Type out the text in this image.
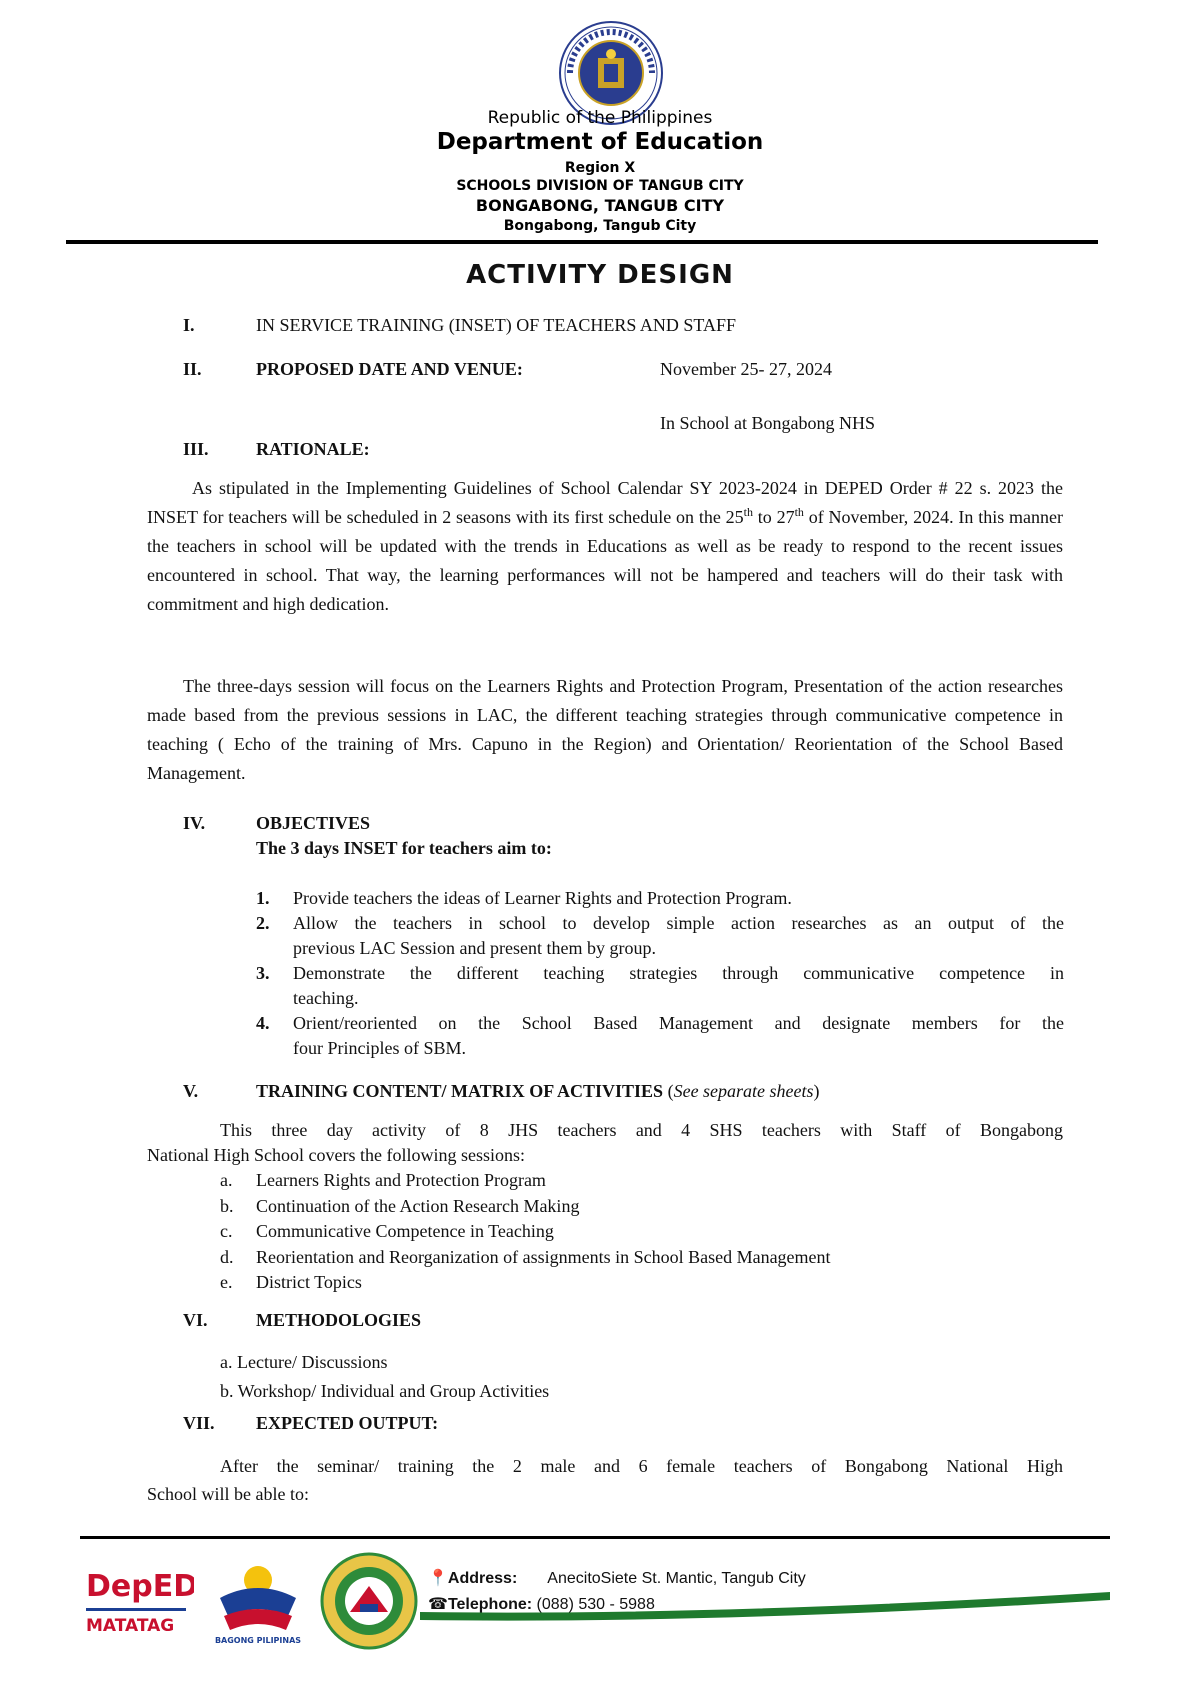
Republic of the Philippines
Department of Education
Region X
SCHOOLS DIVISION OF TANGUB CITY
BONGABONG, TANGUB CITY
Bongabong, Tangub City
ACTIVITY DESIGN
I.	IN SERVICE TRAINING (INSET) OF TEACHERS AND STAFF
II.	PROPOSED DATE AND VENUE:	November 25- 27, 2024
In School at Bongabong NHS
III.	RATIONALE:
As stipulated in the Implementing Guidelines of School Calendar SY 2023-2024 in DEPED Order # 22 s. 2023 the INSET for teachers will be scheduled in 2 seasons with its first schedule on the 25th to 27th of November, 2024. In this manner the teachers in school will be updated with the trends in Educations as well as be ready to respond to the recent issues encountered in school. That way, the learning performances will not be hampered and teachers will do their task with commitment and high dedication.
The three-days session will focus on the Learners Rights and Protection Program, Presentation of the action researches made based from the previous sessions in LAC, the different teaching strategies through communicative competence in teaching ( Echo of the training of Mrs. Capuno in the Region) and Orientation/ Reorientation of the School Based Management.
IV.	OBJECTIVES
The 3 days INSET for teachers aim to:
1. Provide teachers the ideas of Learner Rights and Protection Program.
2. Allow the teachers in school to develop simple action researches as an output of the
previous LAC Session and present them by group.
3. Demonstrate the different teaching strategies through communicative competence in
teaching.
4. Orient/reoriented on the School Based Management and designate members for the
four Principles of SBM.
V.	TRAINING CONTENT/ MATRIX OF ACTIVITIES (See separate sheets)
This three day activity of 8 JHS teachers and 4 SHS teachers with Staff of Bongabong
National High School covers the following sessions:
a. Learners Rights and Protection Program
b. Continuation of the Action Research Making
c. Communicative Competence in Teaching
d. Reorientation and Reorganization of assignments in School Based Management
e. District Topics
VI.	METHODOLOGIES
a. Lecture/ Discussions
b. Workshop/ Individual and Group Activities
VII. EXPECTED OUTPUT:
After the seminar/ training the 2 male and 6 female teachers of Bongabong National High
School will be able to:
DepED
MATATAG
BAGONG PILIPINAS
📍Address: AnecitoSiete St. Mantic, Tangub City
☎Telephone: (088) 530 - 5988
